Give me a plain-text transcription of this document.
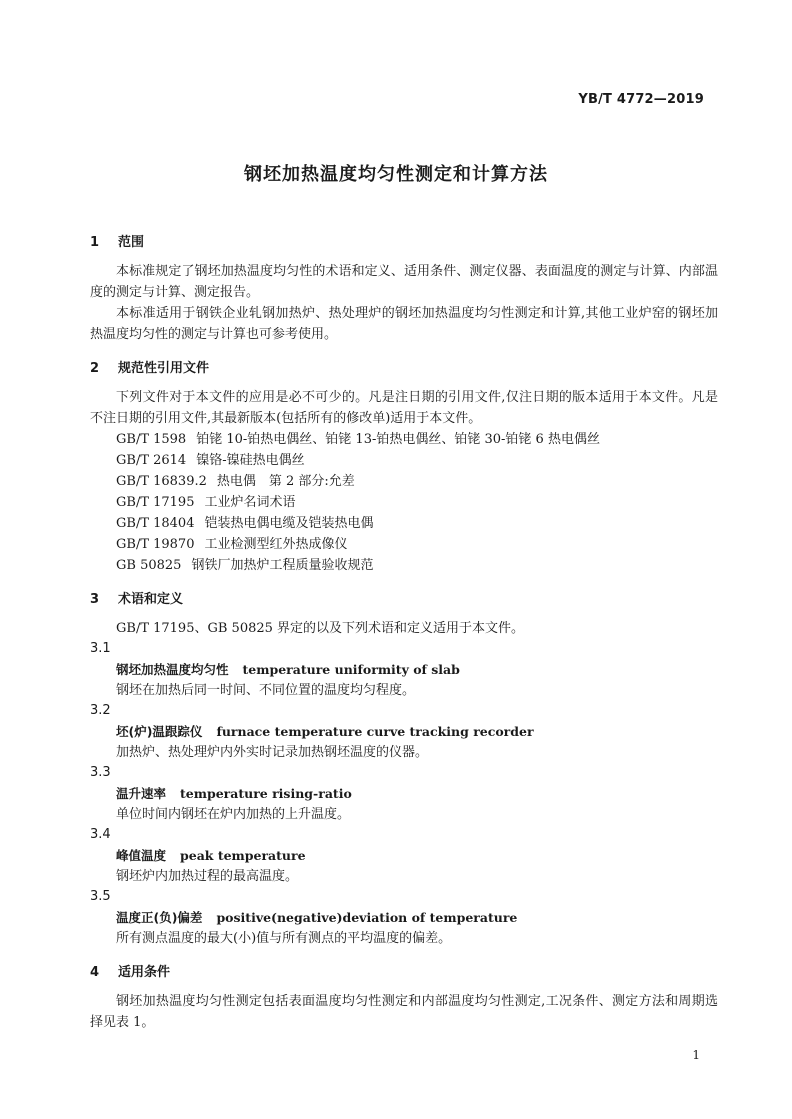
YB/T 4772—2019
钢坯加热温度均匀性测定和计算方法

1 范围

本标准规定了钢坯加热温度均匀性的术语和定义、适用条件、测定仪器、表面温度的测定与计算、内部温度的测定与计算、测定报告。

本标准适用于钢铁企业轧钢加热炉、热处理炉的钢坯加热温度均匀性测定和计算,其他工业炉窑的钢坯加热温度均匀性的测定与计算也可参考使用。

2 规范性引用文件

下列文件对于本文件的应用是必不可少的。凡是注日期的引用文件,仅注日期的版本适用于本文件。凡是不注日期的引用文件,其最新版本(包括所有的修改单)适用于本文件。

GB/T 1598 铂铑 10-铂热电偶丝、铂铑 13-铂热电偶丝、铂铑 30-铂铑 6 热电偶丝

GB/T 2614 镍铬-镍硅热电偶丝

GB/T 16839.2 热电偶　第 2 部分:允差

GB/T 17195 工业炉名词术语

GB/T 18404 铠装热电偶电缆及铠装热电偶

GB/T 19870 工业检测型红外热成像仪

GB 50825 钢铁厂加热炉工程质量验收规范

3 术语和定义

GB/T 17195、GB 50825 界定的以及下列术语和定义适用于本文件。

3.1

钢坯加热温度均匀性 temperature uniformity of slab

钢坯在加热后同一时间、不同位置的温度均匀程度。

3.2

坯(炉)温跟踪仪 furnace temperature curve tracking recorder

加热炉、热处理炉内外实时记录加热钢坯温度的仪器。

3.3

温升速率 temperature rising-ratio

单位时间内钢坯在炉内加热的上升温度。

3.4

峰值温度 peak temperature

钢坯炉内加热过程的最高温度。

3.5

温度正(负)偏差 positive(negative)deviation of temperature

所有测点温度的最大(小)值与所有测点的平均温度的偏差。

4 适用条件

钢坯加热温度均匀性测定包括表面温度均匀性测定和内部温度均匀性测定,工况条件、测定方法和周期选择见表 1。

1
